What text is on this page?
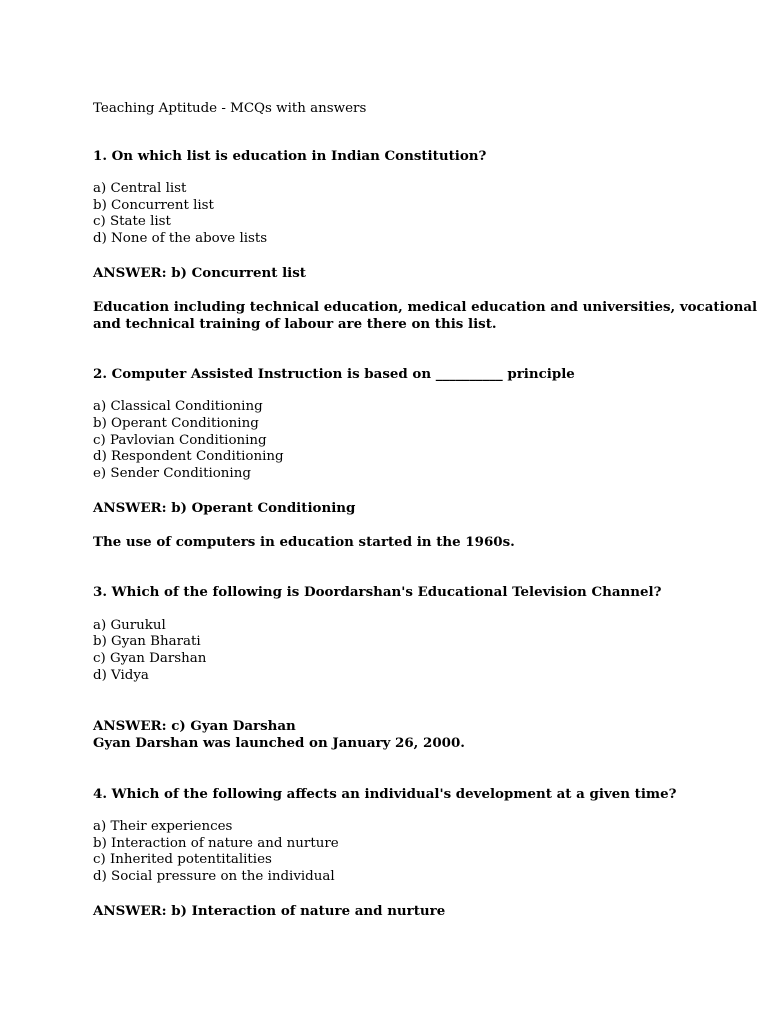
Teaching Aptitude - MCQs with answers
1. On which list is education in Indian Constitution?
a) Central list
b) Concurrent list
c) State list
d) None of the above lists
ANSWER: b) Concurrent list
Education including technical education, medical education and universities, vocational
and technical training of labour are there on this list.
2. Computer Assisted Instruction is based on __________ principle
a) Classical Conditioning
b) Operant Conditioning
c) Pavlovian Conditioning
d) Respondent Conditioning
e) Sender Conditioning
ANSWER: b) Operant Conditioning
The use of computers in education started in the 1960s.
3. Which of the following is Doordarshan's Educational Television Channel?
a) Gurukul
b) Gyan Bharati
c) Gyan Darshan
d) Vidya
ANSWER: c) Gyan Darshan
Gyan Darshan was launched on January 26, 2000.
4. Which of the following affects an individual's development at a given time?
a) Their experiences
b) Interaction of nature and nurture
c) Inherited potentitalities
d) Social pressure on the individual
ANSWER: b) Interaction of nature and nurture
